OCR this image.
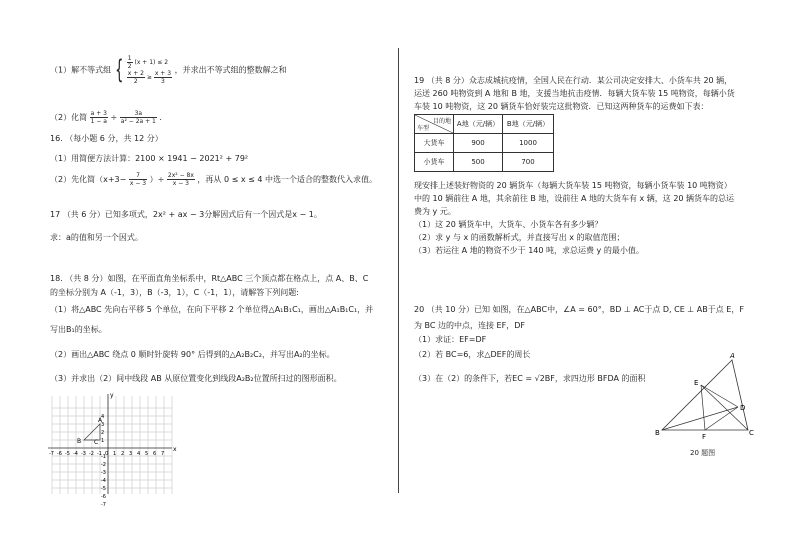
（1）解不等式组 { $\frac{1}{2} (x + 1) \le 2$
$\frac{x + 2}{2} \ge \frac{x + 3}{3}$ ，并求出不等式组的整数解之和
（2）化简 $\frac{a + 3}{1 - a} \div \frac{3a}{\text{a² − 2a + 1}}$ .
16. （每小题 6 分，共 12 分）
（1）用简便方法计算：2100 × 1941 − 2021² + 79²
（2）先化简（$x+3- \frac{7}{x - 3}$ ）÷ $\frac{\text{2x² − 8x}}{x - 3}$ ，再从 0 ≤ x ≤ 4 中选一个适合的整数代入求值。
17 （共 6 分）已知多项式，2x² + ax − 3分解因式后有一个因式是x − 1。
求：a的值和另一个因式。
18. （共 8 分）如图，在平面直角坐标系中，Rt△ABC 三个顶点都在格点上，点 A、B、C
的坐标分别为 A（-1，3），B（-3，1），C（-1，1），请解答下列问题:
（1）将△ABC 先向右平移 5 个单位，在向下平移 2 个单位得△A₁B₁C₁，画出△A₁B₁C₁，并
写出B₁的坐标。
（2）画出△ABC 绕点 0 顺时针旋转 90° 后得到的△A₂B₂C₂，并写出A₂的坐标。
（3）并求出（2）间中线段 AB 从原位置变化到线段A₂B₂位置所扫过的图形面积。
x
y
-7 -6 -5 -4 -3 -2 -1 0 1 2 3 4 5 6 7
4
3
2
1
-1
-2
-3
-4
-5
-6
-7
A
B C
19 （共 8 分）众志成城抗疫情，全国人民在行动．某公司决定安排大、小货车共 20 辆，
运送 260 吨物资到 A 地和 B 地，支援当地抗击疫情．每辆大货车装 15 吨物资，每辆小货
车装 10 吨物资，这 20 辆货车恰好装完这批物资．已知这两种货车的运费如下表：
目的地
车型	A地（元/辆）	B地（元/辆）
大货车	900	1000
小货车	500	700
现安排上述装好物资的 20 辆货车（每辆大货车装 15 吨物资，每辆小货车装 10 吨物资）
中的 10 辆前往 A 地，其余前往 B 地，设前往 A 地的大货车有 x 辆，这 20 辆货车的总运
费为 y 元。
（1）这 20 辆货车中，大货车、小货车各有多少辆？
（2）求 y 与 x 的函数解析式，并直接写出 x 的取值范围；
（3）若运往 A 地的物资不少于 140 吨，求总运费 y 的最小值。
20 （共 10 分）已知 如图，在△ABC中，∠A = 60°，BD ⊥ AC于点 D, CE ⊥ AB于点 E，F
为 BC 边的中点，连接 EF，DF
（1）求证：EF=DF
（2）若 BC=6，求△DEF的周长
（3）在（2）的条件下，若EC = √2BF，求四边形 BFDA 的面积
A
B	C
D
E
F
20 题图
